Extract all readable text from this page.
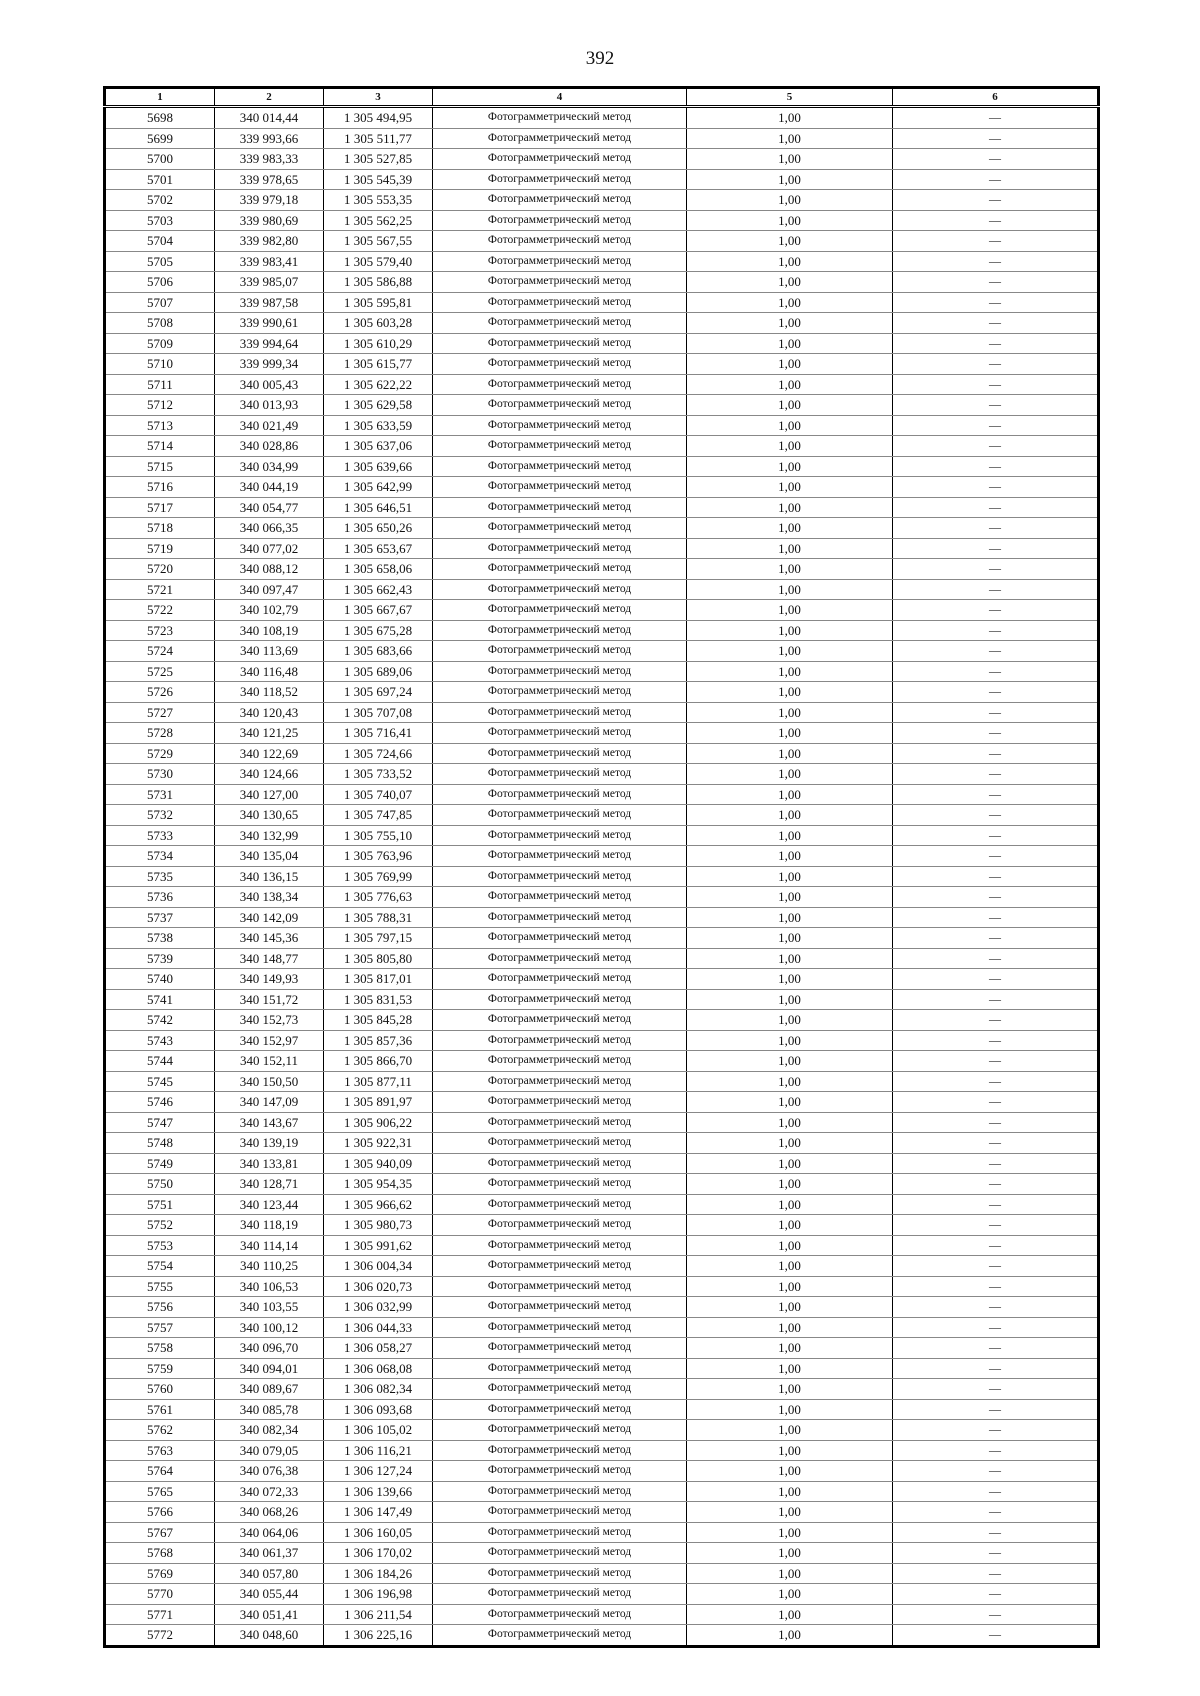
392
1	2	3	4	5	6
5698	340 014,44	1 305 494,95	Фотограмметрический метод	1,00	—
5699	339 993,66	1 305 511,77	Фотограмметрический метод	1,00	—
5700	339 983,33	1 305 527,85	Фотограмметрический метод	1,00	—
5701	339 978,65	1 305 545,39	Фотограмметрический метод	1,00	—
5702	339 979,18	1 305 553,35	Фотограмметрический метод	1,00	—
5703	339 980,69	1 305 562,25	Фотограмметрический метод	1,00	—
5704	339 982,80	1 305 567,55	Фотограмметрический метод	1,00	—
5705	339 983,41	1 305 579,40	Фотограмметрический метод	1,00	—
5706	339 985,07	1 305 586,88	Фотограмметрический метод	1,00	—
5707	339 987,58	1 305 595,81	Фотограмметрический метод	1,00	—
5708	339 990,61	1 305 603,28	Фотограмметрический метод	1,00	—
5709	339 994,64	1 305 610,29	Фотограмметрический метод	1,00	—
5710	339 999,34	1 305 615,77	Фотограмметрический метод	1,00	—
5711	340 005,43	1 305 622,22	Фотограмметрический метод	1,00	—
5712	340 013,93	1 305 629,58	Фотограмметрический метод	1,00	—
5713	340 021,49	1 305 633,59	Фотограмметрический метод	1,00	—
5714	340 028,86	1 305 637,06	Фотограмметрический метод	1,00	—
5715	340 034,99	1 305 639,66	Фотограмметрический метод	1,00	—
5716	340 044,19	1 305 642,99	Фотограмметрический метод	1,00	—
5717	340 054,77	1 305 646,51	Фотограмметрический метод	1,00	—
5718	340 066,35	1 305 650,26	Фотограмметрический метод	1,00	—
5719	340 077,02	1 305 653,67	Фотограмметрический метод	1,00	—
5720	340 088,12	1 305 658,06	Фотограмметрический метод	1,00	—
5721	340 097,47	1 305 662,43	Фотограмметрический метод	1,00	—
5722	340 102,79	1 305 667,67	Фотограмметрический метод	1,00	—
5723	340 108,19	1 305 675,28	Фотограмметрический метод	1,00	—
5724	340 113,69	1 305 683,66	Фотограмметрический метод	1,00	—
5725	340 116,48	1 305 689,06	Фотограмметрический метод	1,00	—
5726	340 118,52	1 305 697,24	Фотограмметрический метод	1,00	—
5727	340 120,43	1 305 707,08	Фотограмметрический метод	1,00	—
5728	340 121,25	1 305 716,41	Фотограмметрический метод	1,00	—
5729	340 122,69	1 305 724,66	Фотограмметрический метод	1,00	—
5730	340 124,66	1 305 733,52	Фотограмметрический метод	1,00	—
5731	340 127,00	1 305 740,07	Фотограмметрический метод	1,00	—
5732	340 130,65	1 305 747,85	Фотограмметрический метод	1,00	—
5733	340 132,99	1 305 755,10	Фотограмметрический метод	1,00	—
5734	340 135,04	1 305 763,96	Фотограмметрический метод	1,00	—
5735	340 136,15	1 305 769,99	Фотограмметрический метод	1,00	—
5736	340 138,34	1 305 776,63	Фотограмметрический метод	1,00	—
5737	340 142,09	1 305 788,31	Фотограмметрический метод	1,00	—
5738	340 145,36	1 305 797,15	Фотограмметрический метод	1,00	—
5739	340 148,77	1 305 805,80	Фотограмметрический метод	1,00	—
5740	340 149,93	1 305 817,01	Фотограмметрический метод	1,00	—
5741	340 151,72	1 305 831,53	Фотограмметрический метод	1,00	—
5742	340 152,73	1 305 845,28	Фотограмметрический метод	1,00	—
5743	340 152,97	1 305 857,36	Фотограмметрический метод	1,00	—
5744	340 152,11	1 305 866,70	Фотограмметрический метод	1,00	—
5745	340 150,50	1 305 877,11	Фотограмметрический метод	1,00	—
5746	340 147,09	1 305 891,97	Фотограмметрический метод	1,00	—
5747	340 143,67	1 305 906,22	Фотограмметрический метод	1,00	—
5748	340 139,19	1 305 922,31	Фотограмметрический метод	1,00	—
5749	340 133,81	1 305 940,09	Фотограмметрический метод	1,00	—
5750	340 128,71	1 305 954,35	Фотограмметрический метод	1,00	—
5751	340 123,44	1 305 966,62	Фотограмметрический метод	1,00	—
5752	340 118,19	1 305 980,73	Фотограмметрический метод	1,00	—
5753	340 114,14	1 305 991,62	Фотограмметрический метод	1,00	—
5754	340 110,25	1 306 004,34	Фотограмметрический метод	1,00	—
5755	340 106,53	1 306 020,73	Фотограмметрический метод	1,00	—
5756	340 103,55	1 306 032,99	Фотограмметрический метод	1,00	—
5757	340 100,12	1 306 044,33	Фотограмметрический метод	1,00	—
5758	340 096,70	1 306 058,27	Фотограмметрический метод	1,00	—
5759	340 094,01	1 306 068,08	Фотограмметрический метод	1,00	—
5760	340 089,67	1 306 082,34	Фотограмметрический метод	1,00	—
5761	340 085,78	1 306 093,68	Фотограмметрический метод	1,00	—
5762	340 082,34	1 306 105,02	Фотограмметрический метод	1,00	—
5763	340 079,05	1 306 116,21	Фотограмметрический метод	1,00	—
5764	340 076,38	1 306 127,24	Фотограмметрический метод	1,00	—
5765	340 072,33	1 306 139,66	Фотограмметрический метод	1,00	—
5766	340 068,26	1 306 147,49	Фотограмметрический метод	1,00	—
5767	340 064,06	1 306 160,05	Фотограмметрический метод	1,00	—
5768	340 061,37	1 306 170,02	Фотограмметрический метод	1,00	—
5769	340 057,80	1 306 184,26	Фотограмметрический метод	1,00	—
5770	340 055,44	1 306 196,98	Фотограмметрический метод	1,00	—
5771	340 051,41	1 306 211,54	Фотограмметрический метод	1,00	—
5772	340 048,60	1 306 225,16	Фотограмметрический метод	1,00	—
